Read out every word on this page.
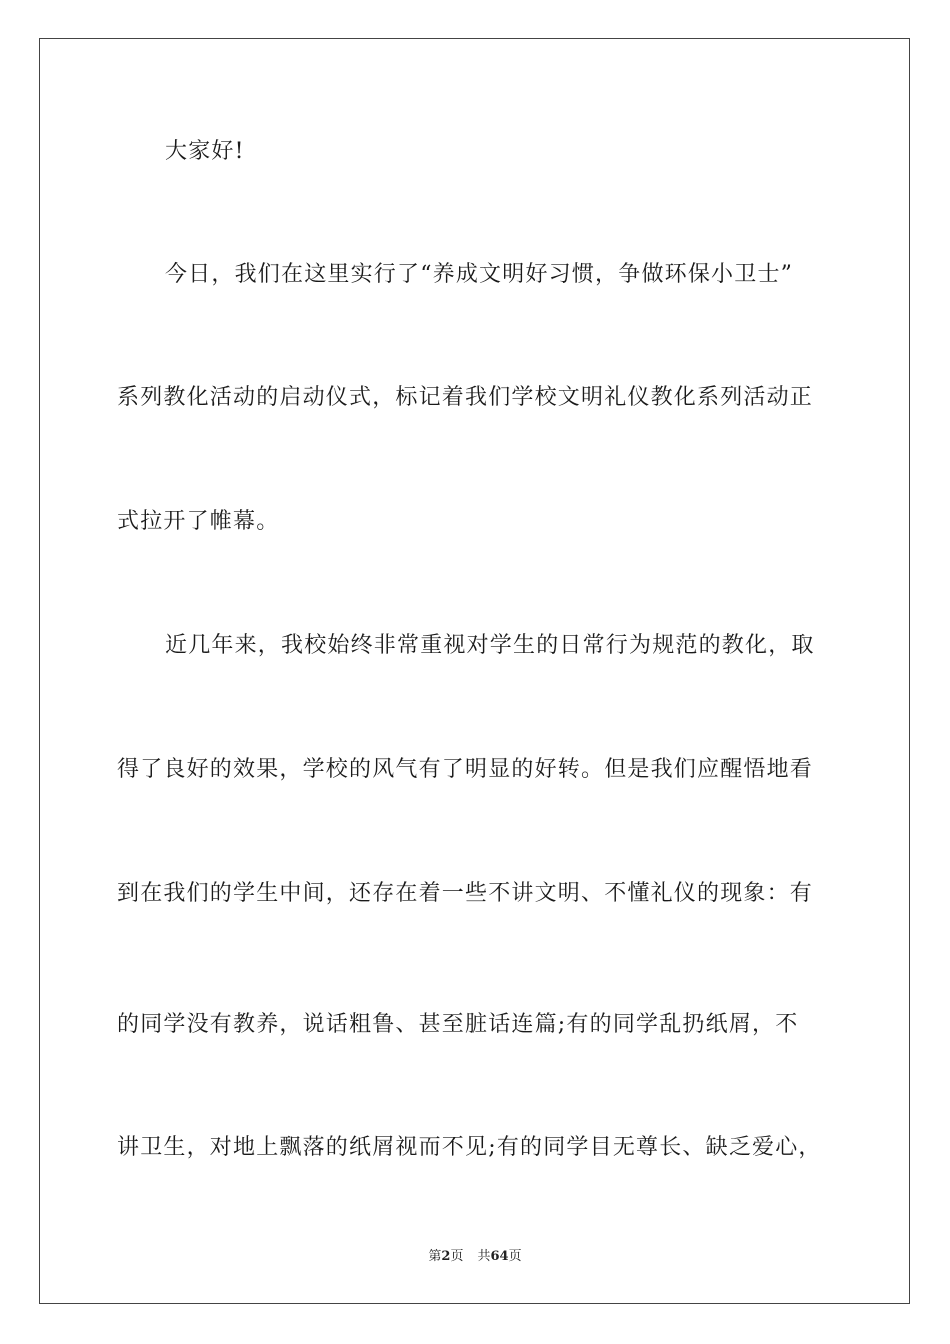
大家好!
今日，我们在这里实行了“养成文明好习惯，争做环保小卫士”
系列教化活动的启动仪式，标记着我们学校文明礼仪教化系列活动正
式拉开了帷幕。
近几年来，我校始终非常重视对学生的日常行为规范的教化，取
得了良好的效果，学校的风气有了明显的好转。但是我们应醒悟地看
到在我们的学生中间，还存在着一些不讲文明、不懂礼仪的现象：有
的同学没有教养，说话粗鲁、甚至脏话连篇;有的同学乱扔纸屑，不
讲卫生，对地上飘落的纸屑视而不见;有的同学目无尊长、缺乏爱心，
第2页 共64页
